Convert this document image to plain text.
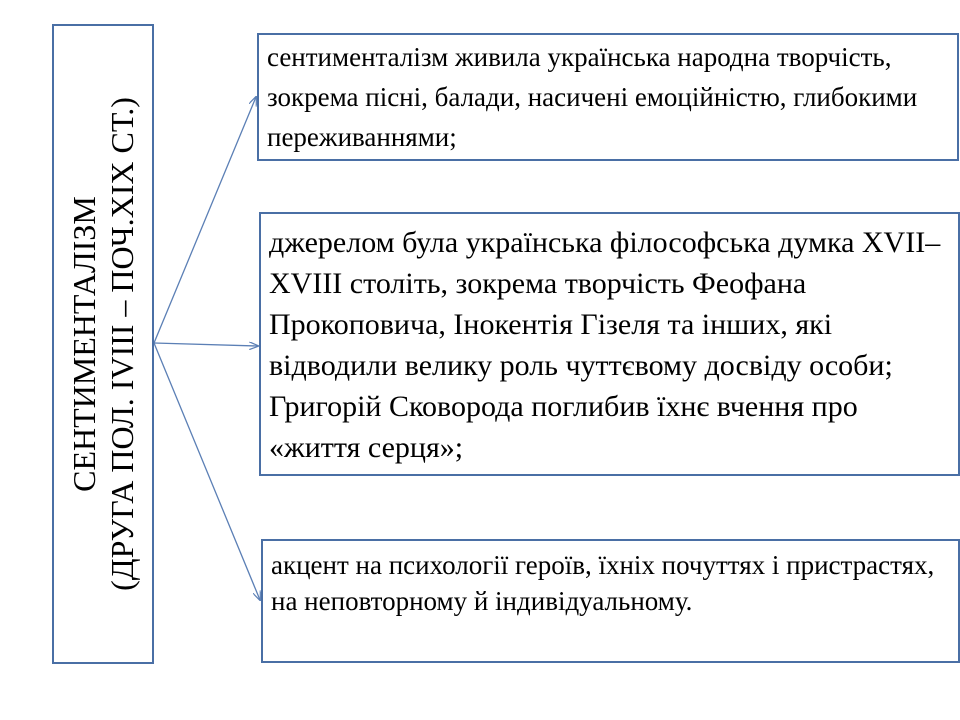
СЕНТИМЕНТАЛІЗМ (ДРУГА ПОЛ. ІVIII – ПОЧ.ХІХ СТ.)
сентименталізм живила українська народна творчість, зокрема пісні, балади, насичені емоційністю, глибокими переживаннями;
джерелом була українська філософська думка XVII–XVIII століть, зокрема творчість Феофана Прокоповича, Інокентія Гізеля та інших, які відводили велику роль чуттєвому досвіду особи; Григорій Сковорода поглибив їхнє вчення про «життя серця»;
акцент на психології героїв, їхніх почуттях і пристрастях, на неповторному й індивідуальному.
